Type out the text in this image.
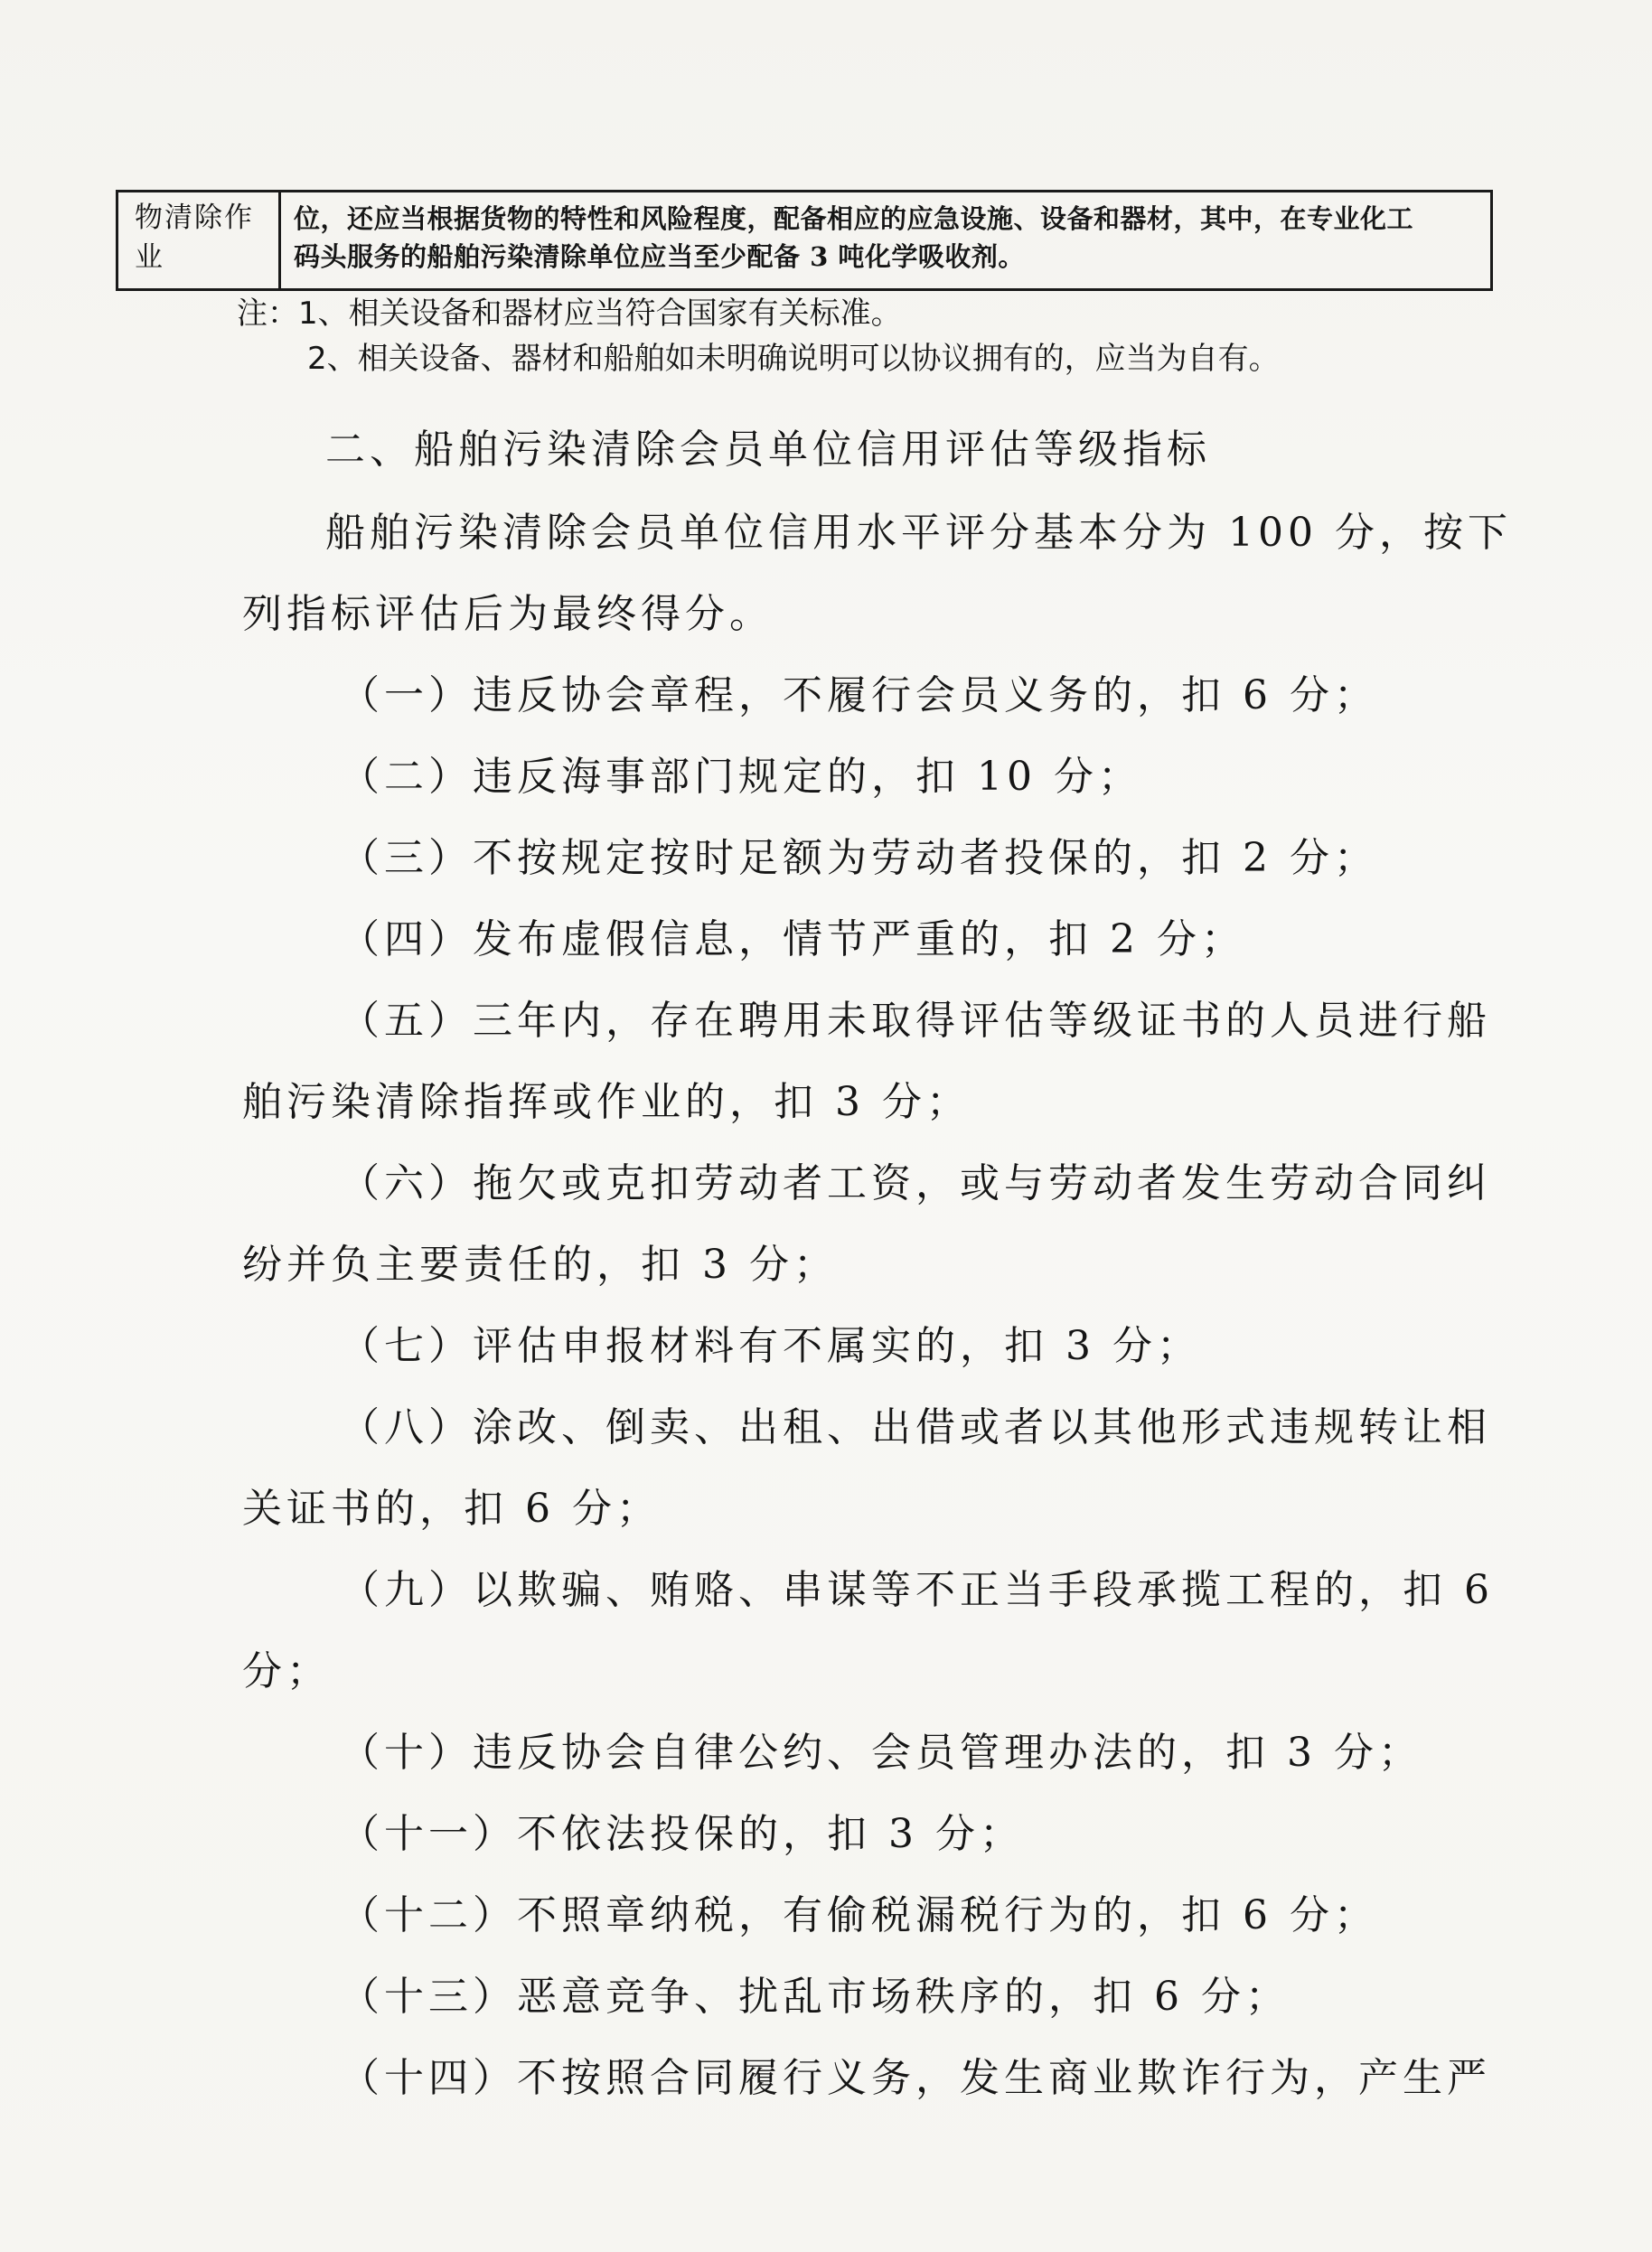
物清除作业
位，还应当根据货物的特性和风险程度，配备相应的应急设施、设备和器材，其中，在专业化工
码头服务的船舶污染清除单位应当至少配备 3 吨化学吸收剂。
注：1、相关设备和器材应当符合国家有关标准。
2、相关设备、器材和船舶如未明确说明可以协议拥有的，应当为自有。
二、船舶污染清除会员单位信用评估等级指标
船舶污染清除会员单位信用水平评分基本分为 100 分，按下
列指标评估后为最终得分。
（一）违反协会章程，不履行会员义务的，扣 6 分；
（二）违反海事部门规定的，扣 10 分；
（三）不按规定按时足额为劳动者投保的，扣 2 分；
（四）发布虚假信息，情节严重的，扣 2 分；
（五）三年内，存在聘用未取得评估等级证书的人员进行船
舶污染清除指挥或作业的，扣 3 分；
（六）拖欠或克扣劳动者工资，或与劳动者发生劳动合同纠
纷并负主要责任的，扣 3 分；
（七）评估申报材料有不属实的，扣 3 分；
（八）涂改、倒卖、出租、出借或者以其他形式违规转让相
关证书的，扣 6 分；
（九）以欺骗、贿赂、串谋等不正当手段承揽工程的，扣 6
分；
（十）违反协会自律公约、会员管理办法的，扣 3 分；
（十一）不依法投保的，扣 3 分；
（十二）不照章纳税，有偷税漏税行为的，扣 6 分；
（十三）恶意竞争、扰乱市场秩序的，扣 6 分；
（十四）不按照合同履行义务，发生商业欺诈行为，产生严
